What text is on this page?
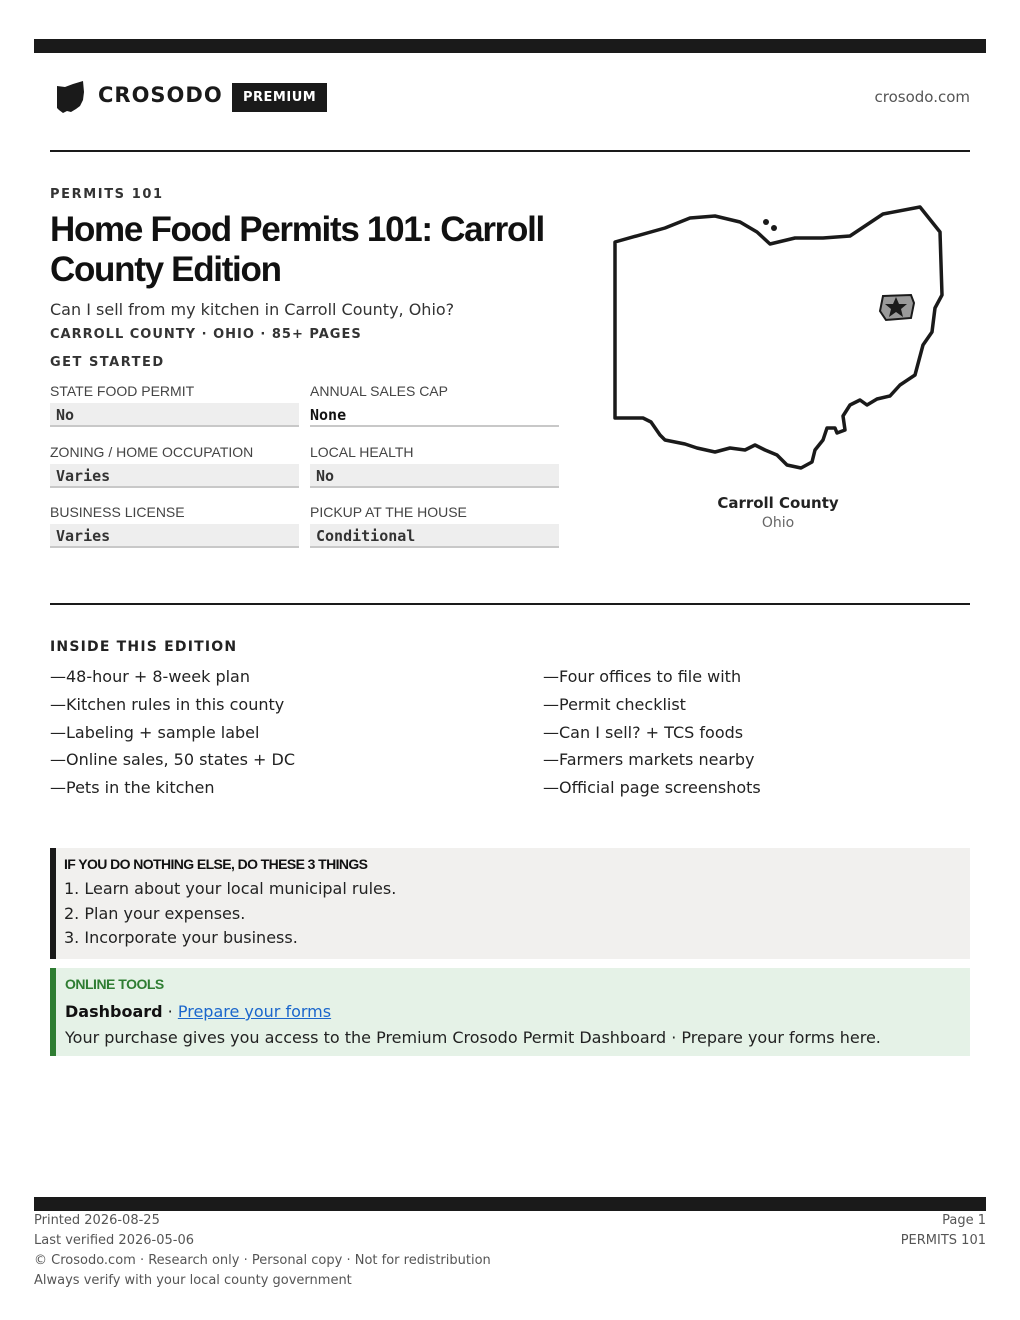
CROSODO	PREMIUM	crosodo.com
PERMITS 101
Home Food Permits 101: Carroll County Edition
Can I sell from my kitchen in Carroll County, Ohio?
CARROLL COUNTY · OHIO · 85+ PAGES
GET STARTED
STATE FOOD PERMIT
No
ANNUAL SALES CAP
None
ZONING / HOME OCCUPATION
Varies
LOCAL HEALTH
No
BUSINESS LICENSE
Varies
PICKUP AT THE HOUSE
Conditional
Carroll County
Ohio
INSIDE THIS EDITION
—48-hour + 8-week plan
—Kitchen rules in this county
—Labeling + sample label
—Online sales, 50 states + DC
—Pets in the kitchen
—Four offices to file with
—Permit checklist
—Can I sell? + TCS foods
—Farmers markets nearby
—Official page screenshots
IF YOU DO NOTHING ELSE, DO THESE 3 THINGS
1. Learn about your local municipal rules.
2. Plan your expenses.
3. Incorporate your business.
ONLINE TOOLS
Dashboard · Prepare your forms
Your purchase gives you access to the Premium Crosodo Permit Dashboard · Prepare your forms here.
Printed 2026-08-25
Last verified 2026-05-06
© Crosodo.com · Research only · Personal copy · Not for redistribution
Always verify with your local county government
Page 1
PERMITS 101
